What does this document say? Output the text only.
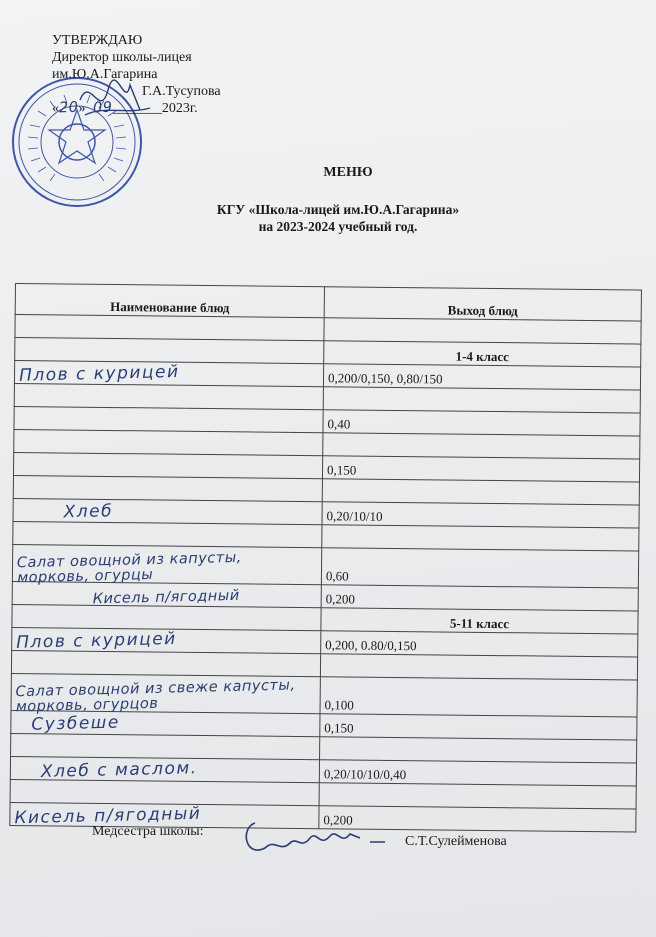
УТВЕРЖДАЮ
Директор школы-лицея
им.Ю.А.Гагарина
Г.А.Тусупова
«20» 09_______2023г.
МЕНЮ
КГУ «Школа-лицей им.Ю.А.Гагарина»
на 2023-2024 учебный год.
Наименование блюд	Выход блюд

	1-4 класс
Плов с курицей	0,200/0,150, 0,80/150

	0,40

	0,150

Хлеб	0,20/10/10

Салат овощной из капусты, морковь, огурцы	0,60
Кисель п/ягодный	0,200
	5-11 класс
Плов с курицей	0,200, 0.80/0,150

Салат овощной из свеже капусты, морковь, огурцов	0,100
Сузбеше	0,150

Хлеб с маслом.	0,20/10/10/0,40

Кисель п/ягодный	0,200
Медсестра школы:
С.Т.Сулейменова
